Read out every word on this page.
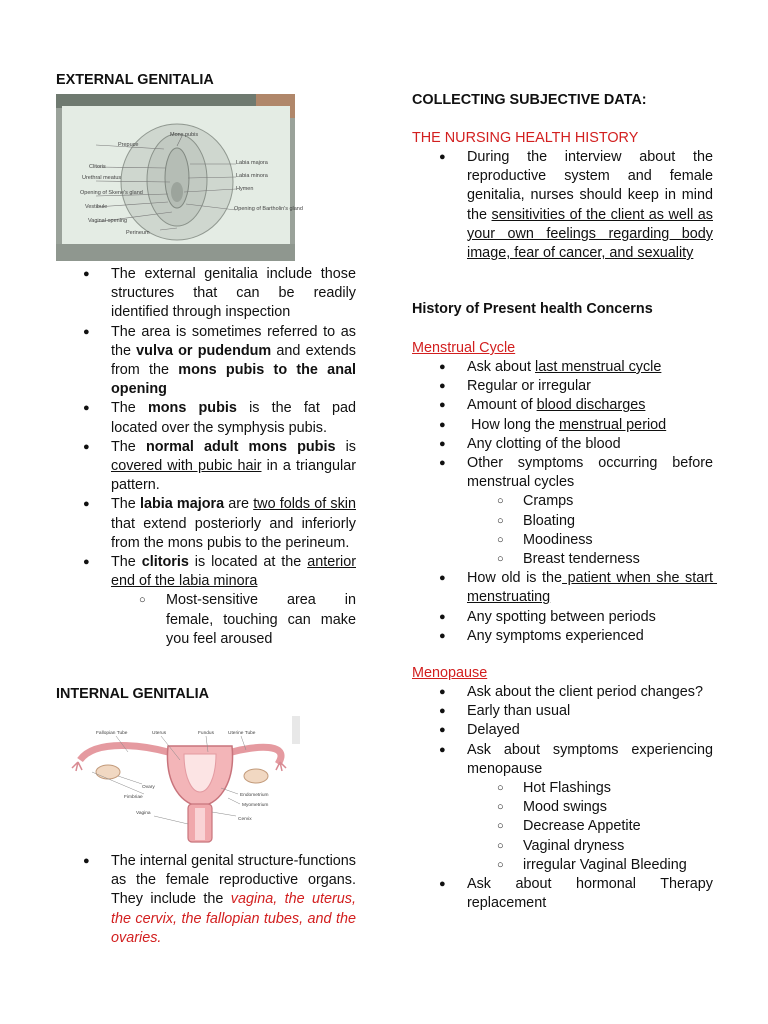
EXTERNAL GENITALIA

Mons pubis
Prepuce
Clitoris
Urethral meatus
Opening of Skene's gland
Vestibule
Vaginal opening
Perineum
Labia majora
Labia minora
Hymen
Opening of Bartholin's gland
● The external genitalia include those structures that can be readily identified through inspection
● The area is sometimes referred to as the vulva or pudendum and extends from the mons pubis to the anal opening
● The mons pubis is the fat pad located over the symphysis pubis.
● The normal adult mons pubis is covered with pubic hair in a triangular pattern.
● The labia majora are two folds of skin that extend posteriorly and inferiorly from the mons pubis to the perineum.
● The clitoris is located at the anterior end of the labia minora
○ Most-sensitive area in female, touching can make you feel aroused

INTERNAL GENITALIA

Fallopian Tube	Uterus	Fundus	Uterine Tube
Ovary
Fimbriae	Endometrium
Myometrium
Cervix
Vagina
● The internal genital structure-functions as the female reproductive organs. They include the vagina, the uterus, the cervix, the fallopian tubes, and the ovaries.

COLLECTING SUBJECTIVE DATA:

THE NURSING HEALTH HISTORY

● During the interview about the reproductive system and female genitalia, nurses should keep in mind the sensitivities of the client as well as your own feelings regarding body image, fear of cancer, and sexuality

History of Present health Concerns

Menstrual Cycle

● Ask about last menstrual cycle
● Regular or irregular
● Amount of blood discharges
●  How long the menstrual period
● Any clotting of the blood
● Other symptoms occurring before menstrual cycles
○ Cramps
○ Bloating
○ Moodiness
○ Breast tenderness
● How old is the patient when she start menstruating
● Any spotting between periods
● Any symptoms experienced

Menopause

● Ask about the client period changes?
● Early than usual
● Delayed
● Ask about symptoms experiencing menopause
○ Hot Flashings
○ Mood swings
○ Decrease Appetite
○ Vaginal dryness
○ irregular Vaginal Bleeding
● Ask about hormonal Therapy replacement
